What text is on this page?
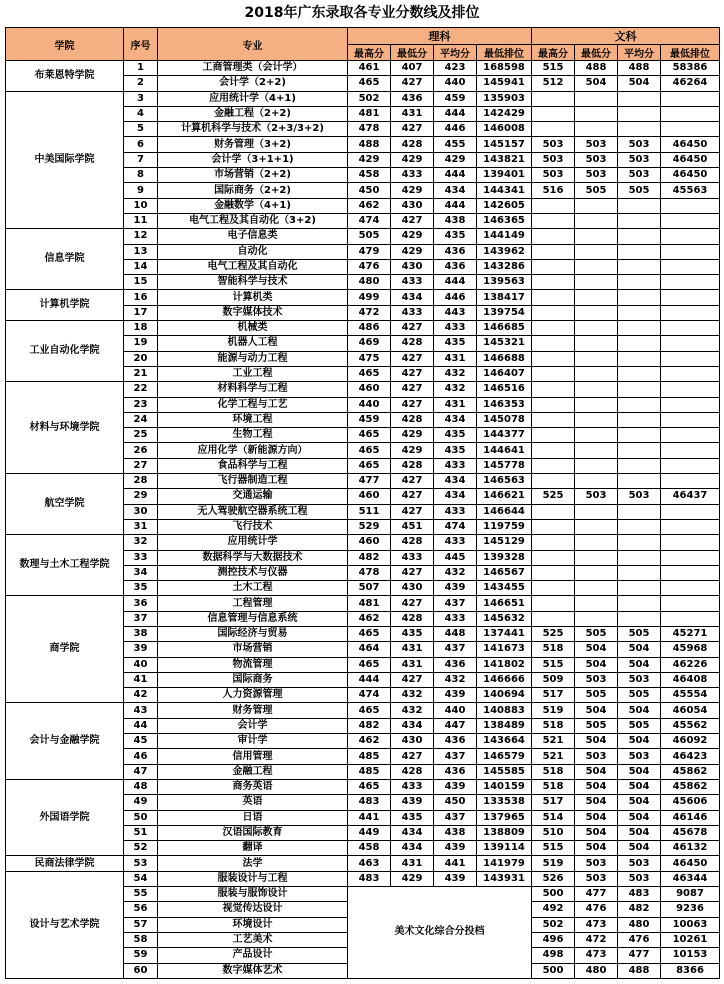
2018年广东录取各专业分数线及排位
学院	序号	专业	理科				文科			
			最高分	最低分	平均分	最低排位	最高分	最低分	平均分	最低排位
布莱恩特学院	1	工商管理类（会计学）	461	407	423	168598	515	488	488	58386
	2	会计学（2+2)	465	427	440	145941	512	504	504	46264
中美国际学院	3	应用统计学（4+1)	502	436	459	135903				
	4	金融工程（2+2)	481	431	444	142429				
	5	计算机科学与技术（2+3/3+2)	478	427	446	146008				
	6	财务管理（3+2)	488	428	455	145157	503	503	503	46450
	7	会计学（3+1+1)	429	429	429	143821	503	503	503	46450
	8	市场营销（2+2)	458	433	444	139401	503	503	503	46450
	9	国际商务（2+2)	450	429	434	144341	516	505	505	45563
	10	金融数学（4+1)	462	430	444	142605				
	11	电气工程及其自动化（3+2)	474	427	438	146365				
信息学院	12	电子信息类	505	429	435	144149				
	13	自动化	479	429	436	143962				
	14	电气工程及其自动化	476	430	436	143286				
	15	智能科学与技术	480	433	444	139563				
计算机学院	16	计算机类	499	434	446	138417				
	17	数字媒体技术	472	433	443	139754				
工业自动化学院	18	机械类	486	427	433	146685				
	19	机器人工程	469	428	435	145321				
	20	能源与动力工程	475	427	431	146688				
	21	工业工程	465	427	432	146407				
材料与环境学院	22	材料科学与工程	460	427	432	146516				
	23	化学工程与工艺	440	427	431	146353				
	24	环境工程	459	428	434	145078				
	25	生物工程	465	429	435	144377				
	26	应用化学（新能源方向）	465	429	435	144641				
	27	食品科学与工程	465	428	433	145778				
航空学院	28	飞行器制造工程	477	427	434	146563				
	29	交通运输	460	427	434	146621	525	503	503	46437
	30	无人驾驶航空器系统工程	511	427	433	146644				
	31	飞行技术	529	451	474	119759				
数理与土木工程学院	32	应用统计学	460	428	433	145129				
	33	数据科学与大数据技术	482	433	445	139328				
	34	测控技术与仪器	478	427	432	146567				
	35	土木工程	507	430	439	143455				
商学院	36	工程管理	481	427	437	146651				
	37	信息管理与信息系统	462	428	433	145632				
	38	国际经济与贸易	465	435	448	137441	525	505	505	45271
	39	市场营销	464	431	437	141673	518	504	504	45968
	40	物流管理	465	431	436	141802	515	504	504	46226
	41	国际商务	444	427	432	146666	509	503	503	46408
	42	人力资源管理	474	432	439	140694	517	505	505	45554
会计与金融学院	43	财务管理	465	432	440	140883	519	504	504	46054
	44	会计学	482	434	447	138489	518	505	505	45562
	45	审计学	462	430	436	143664	521	504	504	46092
	46	信用管理	485	427	437	146579	521	503	503	46423
	47	金融工程	485	428	436	145585	518	504	504	45862
外国语学院	48	商务英语	465	433	439	140159	518	504	504	45862
	49	英语	483	439	450	133538	517	504	504	45606
	50	日语	441	435	437	137965	514	504	504	46146
	51	汉语国际教育	449	434	438	138809	510	504	504	45678
	52	翻译	458	434	439	139114	515	504	504	46132
民商法律学院	53	法学	463	431	441	141979	519	503	503	46450
设计与艺术学院	54	服装设计与工程	483	429	439	143931	526	503	503	46344
	55	服装与服饰设计	美术文化综合分投档				500	477	483	9087
	56	视觉传达设计					492	476	482	9236
	57	环境设计					502	473	480	10063
	58	工艺美术					496	472	476	10261
	59	产品设计					498	473	477	10153
	60	数字媒体艺术					500	480	488	8366
